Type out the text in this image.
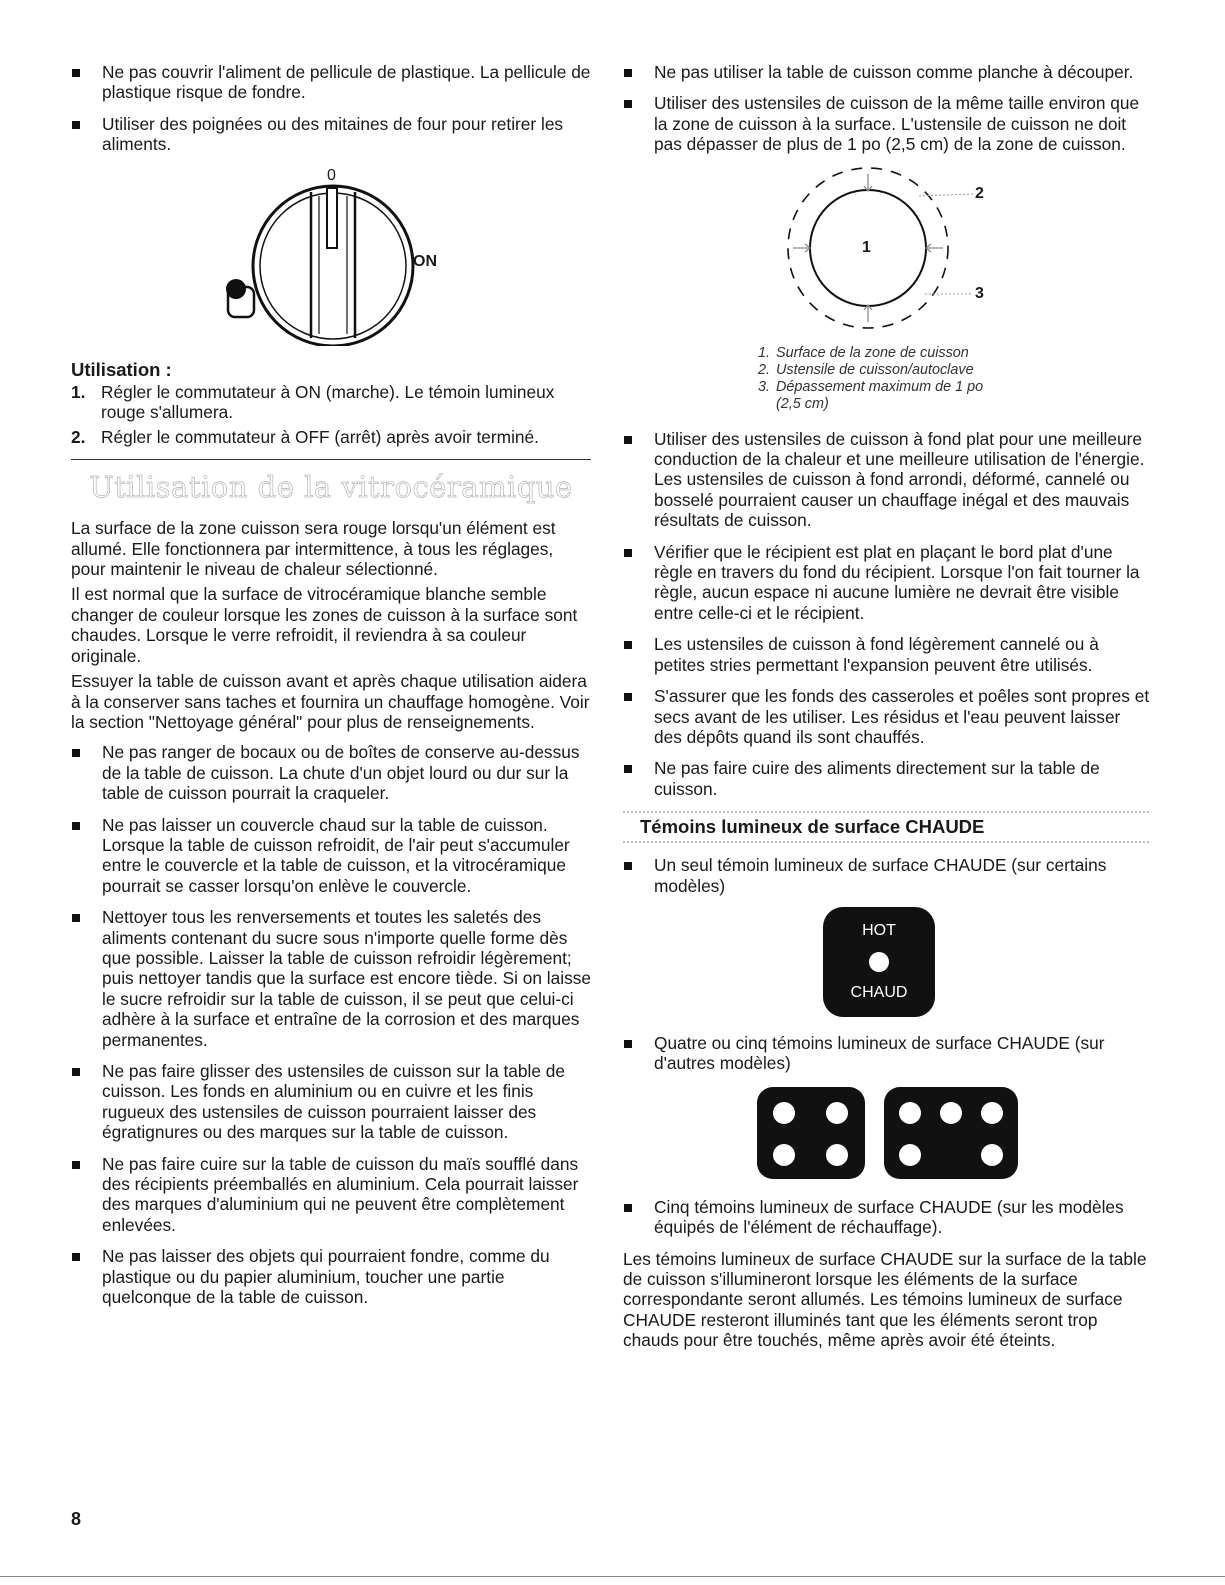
Ne pas couvrir l'aliment de pellicule de plastique. La pellicule de plastique risque de fondre.
Utiliser des poignées ou des mitaines de four pour retirer les aliments.
0
ON
Utilisation :
1. Régler le commutateur à ON (marche). Le témoin lumineux rouge s'allumera.
2. Régler le commutateur à OFF (arrêt) après avoir terminé.
Utilisation de la vitrocéramique

La surface de la zone cuisson sera rouge lorsqu'un élément est allumé. Elle fonctionnera par intermittence, à tous les réglages, pour maintenir le niveau de chaleur sélectionné.

Il est normal que la surface de vitrocéramique blanche semble changer de couleur lorsque les zones de cuisson à la surface sont chaudes. Lorsque le verre refroidit, il reviendra à sa couleur originale.

Essuyer la table de cuisson avant et après chaque utilisation aidera à la conserver sans taches et fournira un chauffage homogène. Voir la section "Nettoyage général" pour plus de renseignements.

Ne pas ranger de bocaux ou de boîtes de conserve au-dessus de la table de cuisson. La chute d'un objet lourd ou dur sur la table de cuisson pourrait la craqueler.
Ne pas laisser un couvercle chaud sur la table de cuisson. Lorsque la table de cuisson refroidit, de l'air peut s'accumuler entre le couvercle et la table de cuisson, et la vitrocéramique pourrait se casser lorsqu'on enlève le couvercle.
Nettoyer tous les renversements et toutes les saletés des aliments contenant du sucre sous n'importe quelle forme dès que possible. Laisser la table de cuisson refroidir légèrement; puis nettoyer tandis que la surface est encore tiède. Si on laisse le sucre refroidir sur la table de cuisson, il se peut que celui-ci adhère à la surface et entraîne de la corrosion et des marques permanentes.
Ne pas faire glisser des ustensiles de cuisson sur la table de cuisson. Les fonds en aluminium ou en cuivre et les finis rugueux des ustensiles de cuisson pourraient laisser des égratignures ou des marques sur la table de cuisson.
Ne pas faire cuire sur la table de cuisson du maïs soufflé dans des récipients préemballés en aluminium. Cela pourrait laisser des marques d'aluminium qui ne peuvent être complètement enlevées.
Ne pas laisser des objets qui pourraient fondre, comme du plastique ou du papier aluminium, toucher une partie quelconque de la table de cuisson.
Ne pas utiliser la table de cuisson comme planche à découper.
Utiliser des ustensiles de cuisson de la même taille environ que la zone de cuisson à la surface. L'ustensile de cuisson ne doit pas dépasser de plus de 1 po (2,5 cm) de la zone de cuisson.
1
2
3
1. Surface de la zone de cuisson
2. Ustensile de cuisson/autoclave
3. Dépassement maximum de 1 po
(2,5 cm)
Utiliser des ustensiles de cuisson à fond plat pour une meilleure conduction de la chaleur et une meilleure utilisation de l'énergie. Les ustensiles de cuisson à fond arrondi, déformé, cannelé ou bosselé pourraient causer un chauffage inégal et des mauvais résultats de cuisson.
Vérifier que le récipient est plat en plaçant le bord plat d'une règle en travers du fond du récipient. Lorsque l'on fait tourner la règle, aucun espace ni aucune lumière ne devrait être visible entre celle-ci et le récipient.
Les ustensiles de cuisson à fond légèrement cannelé ou à petites stries permettant l'expansion peuvent être utilisés.
S'assurer que les fonds des casseroles et poêles sont propres et secs avant de les utiliser. Les résidus et l'eau peuvent laisser des dépôts quand ils sont chauffés.
Ne pas faire cuire des aliments directement sur la table de cuisson.
Témoins lumineux de surface CHAUDE
Un seul témoin lumineux de surface CHAUDE (sur certains modèles)
HOT
CHAUD
Quatre ou cinq témoins lumineux de surface CHAUDE (sur d'autres modèles)
Cinq témoins lumineux de surface CHAUDE (sur les modèles équipés de l'élément de réchauffage).

Les témoins lumineux de surface CHAUDE sur la surface de la table de cuisson s'illumineront lorsque les éléments de la surface correspondante seront allumés. Les témoins lumineux de surface CHAUDE resteront illuminés tant que les éléments seront trop chauds pour être touchés, même après avoir été éteints.

8
